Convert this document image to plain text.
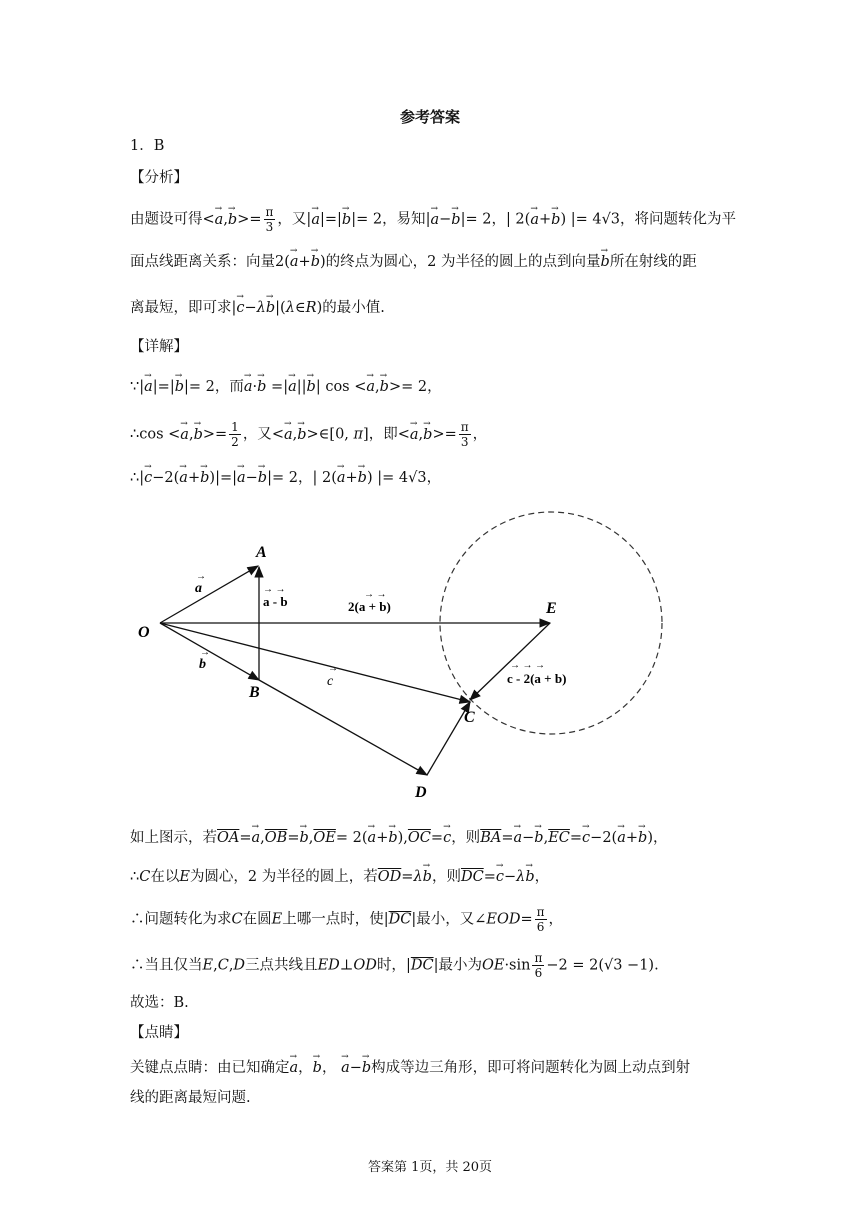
参考答案
1．B
【分析】
由题设可得<→ $a,\to b>= \frac{\pi}{3}$ ，又|→ a|=|→ b|= 2，易知|→ a−→ b|= 2，| 2(→ a+→ b) |= 4√3，将问题转化为平
面点线距离关系：向量2(→ a+→ b)的终点为圆心，2 为半径的圆上的点到向量→ b所在射线的距
离最短，即可求|→ c−λ→ b|(λ∈R)的最小值.
【详解】
∵|→ a|=|→ b|= 2，而→ a·→ b =|→ a||→ b| cos <→ a,→ b>= 2，
∴cos <→ $a,\to b>= \frac{1}{2}$ ，又<→ a,→ b>∈[0, π]，即<→ $a,\to b>= \frac{\pi}{3}$ ，
∴|→ c−2(→ a+→ b)|=|→ a−→ b|= 2，| 2(→ a+→ b) |= 4√3，
O
A
B
E
C
D
→
a
→
b	→
c
→ →
a - b	→ →
2(a + b)
→ → →
c - 2(a + b)
如上图示，若$\overline{OA}=\to a,\overline{OB}=\to b,\overline{OE}= 2(\to a+\to b),\overline{OC}=\to c$，则$\overline{BA}=\to a-\to b,\overline{EC}=\to c-2(\to a+\to b)$，
∴C在以E为圆心，2 为半径的圆上，若$\overline{OD}=\lambda\to b$，则$\overline{DC}=\to c-\lambda\to b$，
∴问题转化为求C在圆E上哪一点时，使$|\overline{DC}|$最小，又∠EOD= $\frac{\pi}{6}$ ，
∴当且仅当E,C,D三点共线且ED⊥OD时，$|\overline{DC}|$最小为$OE\cdot\sin \frac{\pi}{6} -2 = 2(√3 -1)$.
故选：B.
【点睛】
关键点点睛：由已知确定→ a，→ b， → a−→ b构成等边三角形，即可将问题转化为圆上动点到射
线的距离最短问题.
答案第 1页，共 20页
